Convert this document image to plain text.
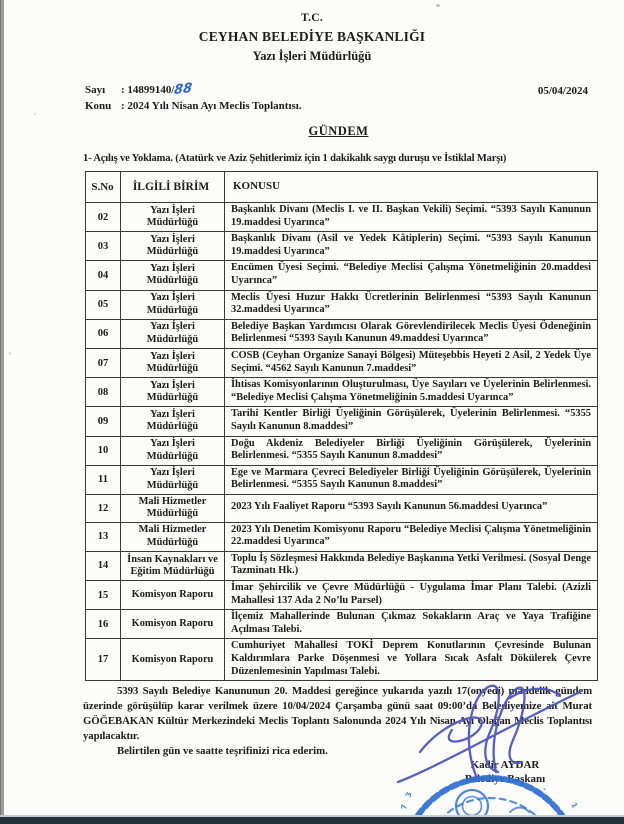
T.C.
CEYHAN BELEDİYE BAŞKANLIĞI
Yazı İşleri Müdürlüğü
Sayı	: 14899140/ 88
Konu : 2024 Yılı Nisan Ayı Meclis Toplantısı.
05/04/2024
GÜNDEM
1- Açılış ve Yoklama. (Atatürk ve Aziz Şehitlerimiz için 1 dakikalık saygı duruşu ve İstiklal Marşı)
S.No	İLGİLİ BİRİM	KONUSU
02	Yazı İşleri Müdürlüğü	Başkanlık Divanı (Meclis I. ve II. Başkan Vekili) Seçimi. “5393 Sayılı Kanunun 19.maddesi Uyarınca”
03	Yazı İşleri Müdürlüğü	Başkanlık Divanı (Asil ve Yedek Kâtiplerin) Seçimi. “5393 Sayılı Kanunun 19.maddesi Uyarınca”
04	Yazı İşleri Müdürlüğü	Encümen Üyesi Seçimi. “Belediye Meclisi Çalışma Yönetmeliğinin 20.maddesi Uyarınca”
05	Yazı İşleri Müdürlüğü	Meclis Üyesi Huzur Hakkı Ücretlerinin Belirlenmesi “5393 Sayılı Kanunun 32.maddesi Uyarınca”
06	Yazı İşleri Müdürlüğü	Belediye Başkan Yardımcısı Olarak Görevlendirilecek Meclis Üyesi Ödeneğinin Belirlenmesi “5393 Sayılı Kanunun 49.maddesi Uyarınca”
07	Yazı İşleri Müdürlüğü	COSB (Ceyhan Organize Sanayi Bölgesi) Müteşebbis Heyeti 2 Asil, 2 Yedek Üye Seçimi. “4562 Sayılı Kanunun 7.maddesi”
08	Yazı İşleri Müdürlüğü	İhtisas Komisyonlarının Oluşturulması, Üye Sayıları ve Üyelerinin Belirlenmesi. “Belediye Meclisi Çalışma Yönetmeliğinin 5.maddesi Uyarınca”
09	Yazı İşleri Müdürlüğü	Tarihi Kentler Birliği Üyeliğinin Görüşülerek, Üyelerinin Belirlenmesi. “5355 Sayılı Kanunun 8.maddesi”
10	Yazı İşleri Müdürlüğü	Doğu Akdeniz Belediyeler Birliği Üyeliğinin Görüşülerek, Üyelerinin Belirlenmesi. “5355 Sayılı Kanunun 8.maddesi”
11	Yazı İşleri Müdürlüğü	Ege ve Marmara Çevreci Belediyeler Birliği Üyeliğinin Görüşülerek, Üyelerinin Belirlenmesi. “5355 Sayılı Kanunun 8.maddesi”
12	Mali Hizmetler Müdürlüğü	2023 Yılı Faaliyet Raporu “5393 Sayılı Kanunun 56.maddesi Uyarınca”
13	Mali Hizmetler Müdürlüğü	2023 Yılı Denetim Komisyonu Raporu “Belediye Meclisi Çalışma Yönetmeliğinin 22.maddesi Uyarınca”
14	İnsan Kaynakları ve Eğitim Müdürlüğü	Toplu İş Sözleşmesi Hakkında Belediye Başkanına Yetki Verilmesi. (Sosyal Denge Tazminatı Hk.)
15	Komisyon Raporu	İmar Şehircilik ve Çevre Müdürlüğü - Uygulama İmar Planı Talebi. (Azizli Mahallesi 137 Ada 2 No’lu Parsel)
16	Komisyon Raporu	İlçemiz Mahallerinde Bulunan Çıkmaz Sokakların Araç ve Yaya Trafiğine Açılması Talebi.
17	Komisyon Raporu	Cumhuriyet Mahallesi TOKİ Deprem Konutlarının Çevresinde Bulunan Kaldırımlara Parke Döşenmesi ve Yollara Sıcak Asfalt Dökülerek Çevre Düzenlemesinin Yapılması Talebi.
5393 Sayılı Belediye Kanununun 20. Maddesi gereğince yukarıda yazılı 17(onyedi) maddelik gündem üzerinde görüşülüp karar verilmek üzere 10/04/2024 Çarşamba günü saat 09:00’da Belediyemize ait Murat GÖĞEBAKAN Kültür Merkezindeki Meclis Toplantı Salonunda 2024 Yılı Nisan Ayı Olağan Meclis Toplantısı yapılacaktır.
Belirtilen gün ve saatte teşrifinizi rica ederim.
Kadir AYDAR
Belediye Başkanı
3
7	1
-
